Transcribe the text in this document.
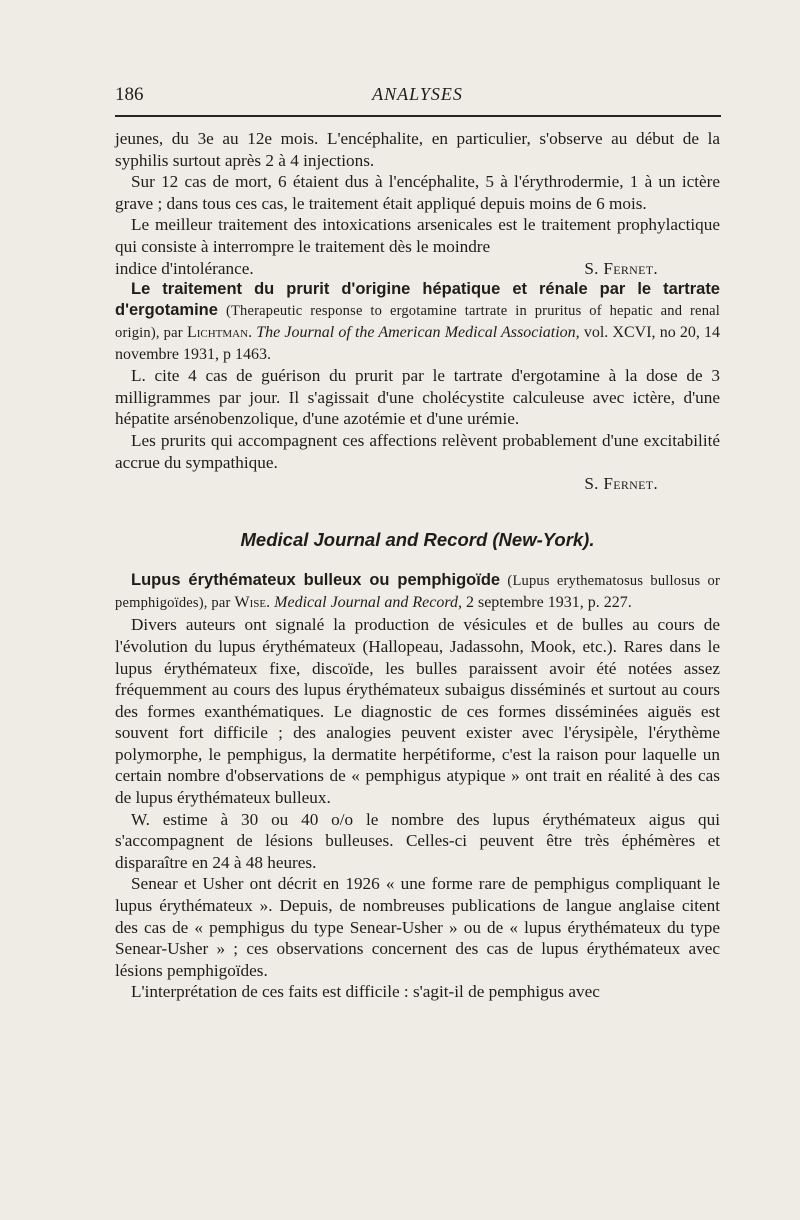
186	ANALYSES

jeunes, du 3e au 12e mois. L'encéphalite, en particulier, s'observe au début de la syphilis surtout après 2 à 4 injections.

Sur 12 cas de mort, 6 étaient dus à l'encéphalite, 5 à l'érythrodermie, 1 à un ictère grave ; dans tous ces cas, le traitement était appliqué depuis moins de 6 mois.

Le meilleur traitement des intoxications arsenicales est le traitement prophylactique qui consiste à interrompre le traitement dès le moindre

indice d'intolérance.	S. Fernet.

Le traitement du prurit d'origine hépatique et rénale par le tartrate d'ergotamine (Therapeutic response to ergotamine tartrate in pruritus of hepatic and renal origin), par Lichtman. The Journal of the American Medical Association, vol. XCVI, no 20, 14 novembre 1931, p 1463.

L. cite 4 cas de guérison du prurit par le tartrate d'ergotamine à la dose de 3 milligrammes par jour. Il s'agissait d'une cholécystite calculeuse avec ictère, d'une hépatite arsénobenzolique, d'une azotémie et d'une urémie.

Les prurits qui accompagnent ces affections relèvent probablement d'une excitabilité accrue du sympathique.

S. Fernet.
Medical Journal and Record (New-York).

Lupus érythémateux bulleux ou pemphigoïde (Lupus erythematosus bullosus or pemphigoïdes), par Wise. Medical Journal and Record, 2 septembre 1931, p. 227.

Divers auteurs ont signalé la production de vésicules et de bulles au cours de l'évolution du lupus érythémateux (Hallopeau, Jadassohn, Mook, etc.). Rares dans le lupus érythémateux fixe, discoïde, les bulles paraissent avoir été notées assez fréquemment au cours des lupus érythémateux subaigus disséminés et surtout au cours des formes exanthématiques. Le diagnostic de ces formes disséminées aiguës est souvent fort difficile ; des analogies peuvent exister avec l'érysipèle, l'érythème polymorphe, le pemphigus, la dermatite herpétiforme, c'est la raison pour laquelle un certain nombre d'observations de « pemphigus atypique » ont trait en réalité à des cas de lupus érythémateux bulleux.

W. estime à 30 ou 40 o/o le nombre des lupus érythémateux aigus qui s'accompagnent de lésions bulleuses. Celles-ci peuvent être très éphémères et disparaître en 24 à 48 heures.

Senear et Usher ont décrit en 1926 « une forme rare de pemphigus compliquant le lupus érythémateux ». Depuis, de nombreuses publications de langue anglaise citent des cas de « pemphigus du type Senear-Usher » ou de « lupus érythémateux du type Senear-Usher » ; ces observations concernent des cas de lupus érythémateux avec lésions pemphigoïdes.

L'interprétation de ces faits est difficile : s'agit-il de pemphigus avec
